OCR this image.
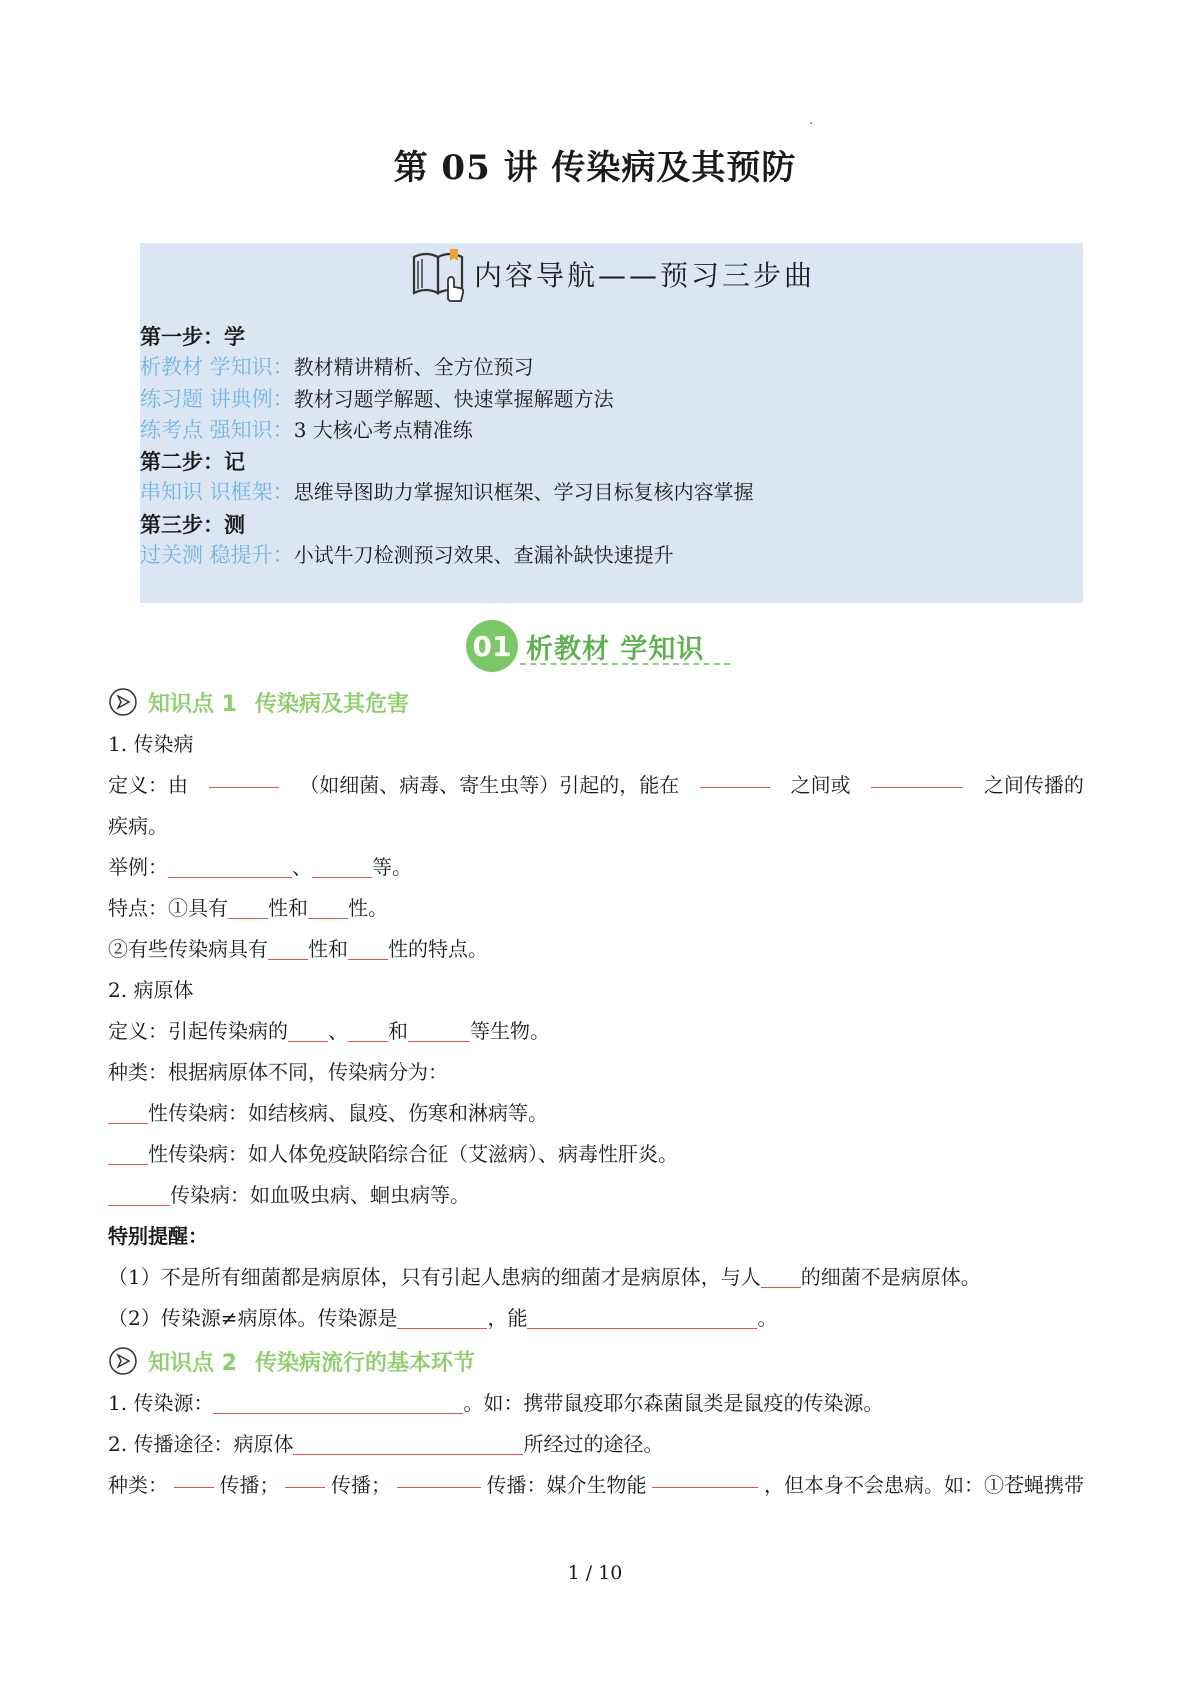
第 05 讲 传染病及其预防
内容导航——预习三步曲
第一步：学
析教材 学知识：教材精讲精析、全方位预习
练习题 讲典例：教材习题学解题、快速掌握解题方法
练考点 强知识：3 大核心考点精准练
第二步：记
串知识 识框架：思维导图助力掌握知识框架、学习目标复核内容掌握
第三步：测
过关测 稳提升：小试牛刀检测预习效果、查漏补缺快速提升
01 析教材 学知识
知识点 1 传染病及其危害
1. 传染病
定义：由	（如细菌、病毒、寄生虫等）引起的，能在	之间或	之间传播的
疾病。
举例：	、	等。
特点：①具有 性和 性。
②有些传染病具有 性和 性的特点。
2. 病原体
定义：引起传染病的 、 和	等生物。
种类：根据病原体不同，传染病分为：
性传染病：如结核病、鼠疫、伤寒和淋病等。
性传染病：如人体免疫缺陷综合征（艾滋病）、病毒性肝炎。
传染病：如血吸虫病、蛔虫病等。
特别提醒：
（1）不是所有细菌都是病原体，只有引起人患病的细菌才是病原体，与人 的细菌不是病原体。
（2）传染源≠病原体。传染源是	，能	。
知识点 2 传染病流行的基本环节
1. 传染源：	。如：携带鼠疫耶尔森菌鼠类是鼠疫的传染源。
2. 传播途径：病原体	所经过的途径。
种类：	传播；	传播；	传播：媒介生物能	，但本身不会患病。如：①苍蝇携带
1 / 10
